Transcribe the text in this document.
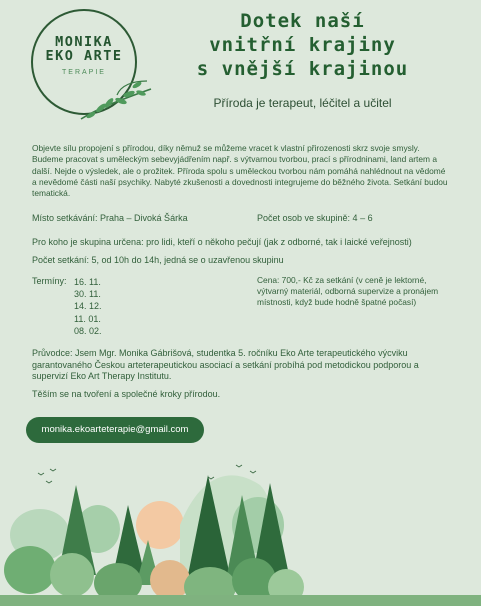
MONIKA
EKO ARTE
TERAPIE
Dotek naší
vnitřní krajiny
s vnější krajinou
Příroda je terapeut, léčitel a učitel
Objevte sílu propojení s přírodou, díky němuž se můžeme vracet k vlastní přirozenosti skrz svoje smysly. Budeme pracovat s uměleckým sebevyjádřením např. s výtvarnou tvorbou, prací s přírodninami, land artem a další. Nejde o výsledek, ale o prožitek. Příroda spolu s uměleckou tvorbou nám pomáhá nahlédnout na vědomé a nevědomé části naší psychiky. Nabyté zkušenosti a dovednosti integrujeme do běžného života. Setkání budou tematická.
Místo setkávání: Praha – Divoká Šárka	Počet osob ve skupině: 4 – 6
Pro koho je skupina určena: pro lidi, kteří o někoho pečují (jak z odborné, tak i laické veřejnosti)
Počet setkání: 5, od 10h do 14h, jedná se o uzavřenou skupinu
Termíny: 16. 11.
30. 11.
14. 12.
11. 01.
08. 02.
Cena: 700,- Kč za setkání (v ceně je lektorné, výtvarný materiál, odborná supervize a pronájem místnosti, když bude hodně špatné počasí)
Průvodce: Jsem Mgr. Monika Gábrišová, studentka 5. ročníku Eko Arte terapeutického výcviku garantovaného Českou arteterapeutickou asociací a setkání probíhá pod metodickou podporou a supervizí Eko Art Therapy Institutu.
Těším se na tvoření a společné kroky přírodou.
monika.ekoarteterapie@gmail.com
